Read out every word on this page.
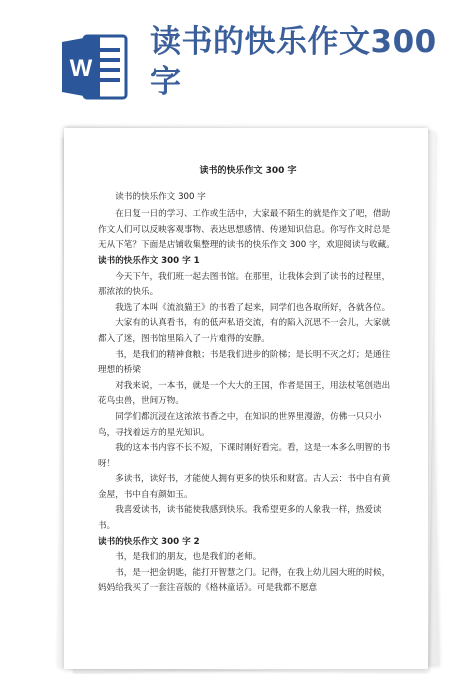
W
读书的快乐作文300字
读书的快乐作文 300 字

读书的快乐作文 300 字

在日复一日的学习、工作或生活中，大家最不陌生的就是作文了吧，借助作文人们可以反映客观事物、表达思想感情、传递知识信息。你写作文时总是无从下笔？下面是店铺收集整理的读书的快乐作文 300 字，欢迎阅读与收藏。

读书的快乐作文 300 字 1

今天下午，我们班一起去图书馆。在那里，让我体会到了读书的过程里，那浓浓的快乐。

我选了本叫《流浪猫王》的书看了起来，同学们也各取所好，各就各位。

大家有的认真看书，有的低声私语交流，有的陷入沉思不一会儿，大家就都入了迷，图书馆里陷入了一片难得的安静。

书，是我们的精神食粮；书是我们进步的阶梯；是长明不灭之灯；是通往理想的桥梁

对我来说，一本书，就是一个大大的王国，作者是国王，用法杖笔创造出花鸟虫兽，世间万物。

同学们都沉浸在这浓浓书香之中，在知识的世界里漫游，仿佛一只只小鸟，寻找着远方的星光知识。

我的这本书内容不长不短，下课时刚好看完。看，这是一本多么明智的书呀！

多读书，读好书，才能使人拥有更多的快乐和财富。古人云：书中自有黄金屋，书中自有颜如玉。

我喜爱读书，读书能使我感到快乐。我希望更多的人象我一样，热爱读书。

读书的快乐作文 300 字 2

书，是我们的朋友，也是我们的老师。

书，是一把金钥匙，能打开智慧之门。记得，在我上幼儿园大班的时候，妈妈给我买了一套注音版的《格林童话》。可是我都不愿意
